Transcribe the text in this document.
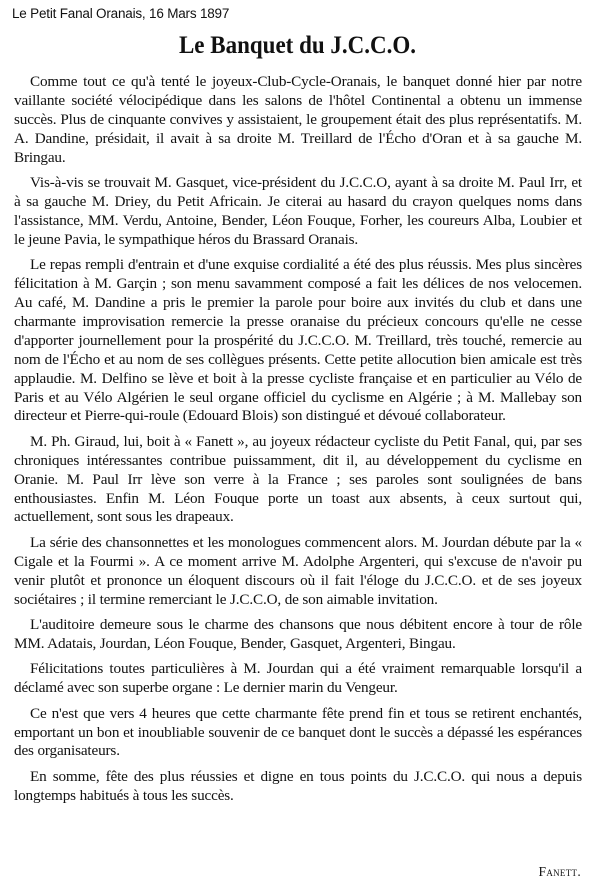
Le Petit Fanal Oranais, 16 Mars 1897
Le Banquet du J.C.C.O.

Comme tout ce qu'à tenté le joyeux-Club-Cycle-Oranais, le banquet donné hier par notre vaillante société vélocipédique dans les salons de l'hôtel Continental a obtenu un immense succès. Plus de cinquante convives y assistaient, le groupement était des plus représentatifs. M. A. Dandine, présidait, il avait à sa droite M. Treillard de l'Écho d'Oran et à sa gauche M. Bringau.

Vis-à-vis se trouvait M. Gasquet, vice-président du J.C.C.O, ayant à sa droite M. Paul Irr, et à sa gauche M. Driey, du Petit Africain. Je citerai au hasard du crayon quelques noms dans l'assistance, MM. Verdu, Antoine, Bender, Léon Fouque, Forher, les coureurs Alba, Loubier et le jeune Pavia, le sympathique héros du Brassard Oranais.

Le repas rempli d'entrain et d'une exquise cordialité a été des plus réussis. Mes plus sincères félicitation à M. Garçin ; son menu savamment composé a fait les délices de nos velocemen. Au café, M. Dandine a pris le premier la parole pour boire aux invités du club et dans une charmante improvisation remercie la presse oranaise du précieux concours qu'elle ne cesse d'apporter journellement pour la prospérité du J.C.C.O. M. Treillard, très touché, remercie au nom de l'Écho et au nom de ses collègues présents. Cette petite allocution bien amicale est très applaudie. M. Delfino se lève et boit à la presse cycliste française et en particulier au Vélo de Paris et au Vélo Algérien le seul organe officiel du cyclisme en Algérie ; à M. Mallebay son directeur et Pierre-qui-roule (Edouard Blois) son distingué et dévoué collaborateur.

M. Ph. Giraud, lui, boit à « Fanett », au joyeux rédacteur cycliste du Petit Fanal, qui, par ses chroniques intéressantes contribue puissamment, dit il, au développement du cyclisme en Oranie. M. Paul Irr lève son verre à la France ; ses paroles sont soulignées de bans enthousiastes. Enfin M. Léon Fouque porte un toast aux absents, à ceux surtout qui, actuellement, sont sous les drapeaux.

La série des chansonnettes et les monologues commencent alors. M. Jourdan débute par la « Cigale et la Fourmi ». A ce moment arrive M. Adolphe Argenteri, qui s'excuse de n'avoir pu venir plutôt et prononce un éloquent discours où il fait l'éloge du J.C.C.O. et de ses joyeux sociétaires ; il termine remerciant le J.C.C.O, de son aimable invitation.

L'auditoire demeure sous le charme des chansons que nous débitent encore à tour de rôle MM. Adatais, Jourdan, Léon Fouque, Bender, Gasquet, Argenteri, Bingau.

Félicitations toutes particulières à M. Jourdan qui a été vraiment remarquable lorsqu'il a déclamé avec son superbe organe : Le dernier marin du Vengeur.

Ce n'est que vers 4 heures que cette charmante fête prend fin et tous se retirent enchantés, emportant un bon et inoubliable souvenir de ce banquet dont le succès a dépassé les espérances des organisateurs.

En somme, fête des plus réussies et digne en tous points du J.C.C.O. qui nous a depuis longtemps habitués à tous les succès.

Fanett.
